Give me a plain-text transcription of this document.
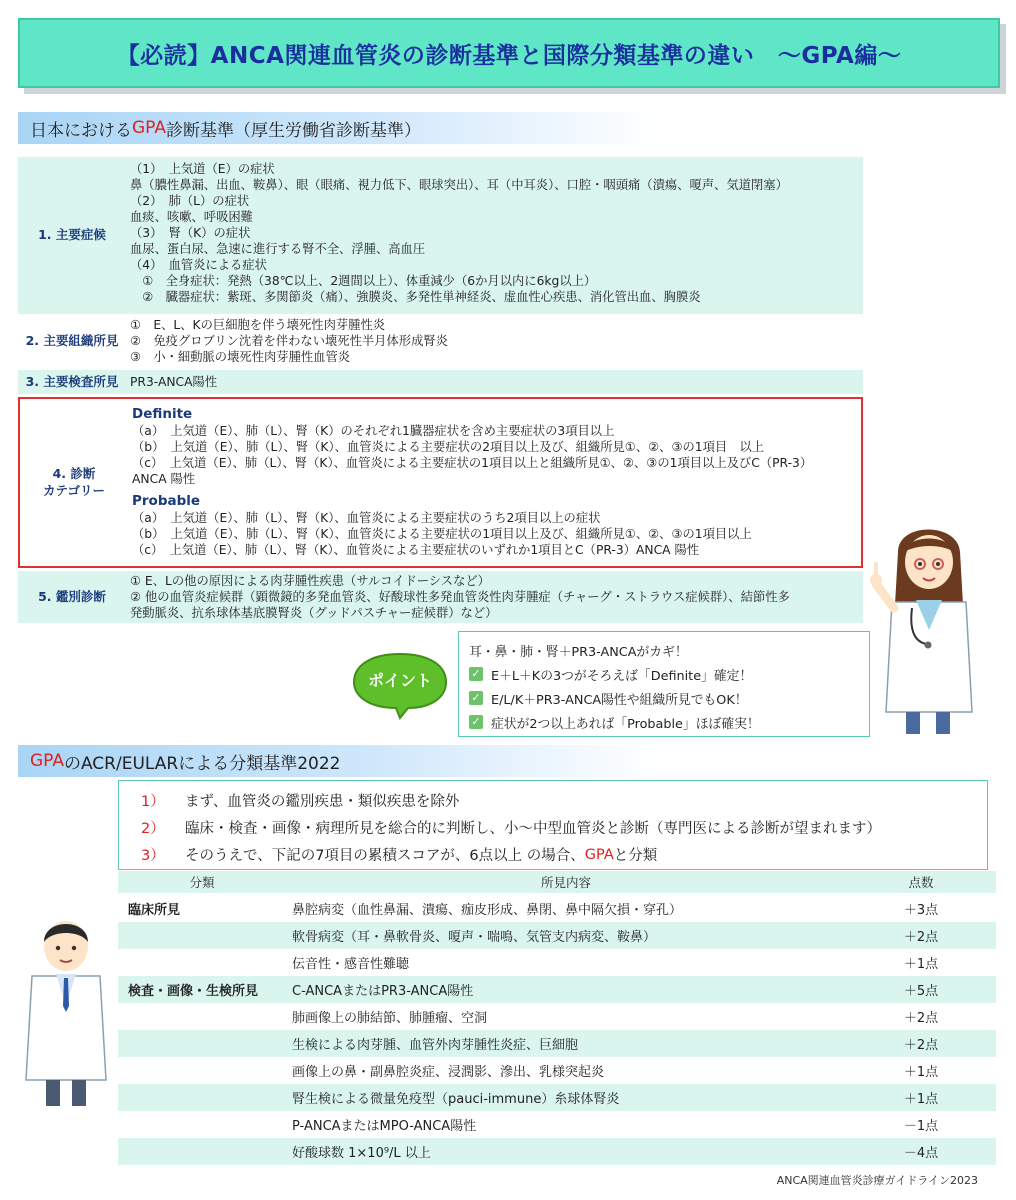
【必読】ANCA関連血管炎の診断基準と国際分類基準の違い　～GPA編～
日本における GPA 診断基準（厚生労働省診断基準）
1. 主要症候
（1）　上気道（E）の症状
鼻（膿性鼻漏、出血、鞍鼻）、眼（眼痛、視力低下、眼球突出）、耳（中耳炎）、口腔・咽頭痛（潰瘍、嗄声、気道閉塞）
（2）　肺（L）の症状
血痰、咳嗽、呼吸困難
（3）　腎（K）の症状
血尿、蛋白尿、急速に進行する腎不全、浮腫、高血圧
（4）　血管炎による症状
　①　全身症状：発熱（38℃以上、2週間以上）、体重減少（6か月以内に6kg以上）
　②　臓器症状：紫斑、多関節炎（痛）、強膜炎、多発性単神経炎、虚血性心疾患、消化管出血、胸膜炎
2. 主要組織所見
①　E、L、Kの巨細胞を伴う壊死性肉芽腫性炎
②　免疫グロブリン沈着を伴わない壊死性半月体形成腎炎
③　小・細動脈の壊死性肉芽腫性血管炎
3. 主要検査所見 PR3-ANCA陽性
4. 診断
カテゴリー
Definite
（a）　上気道（E）、肺（L）、腎（K）のそれぞれ1臓器症状を含め主要症状の3項目以上
（b）　上気道（E）、肺（L）、腎（K）、血管炎による主要症状の2項目以上及び、組織所見①、②、③の1項目　以上
（c）　上気道（E）、肺（L）、腎（K）、血管炎による主要症状の1項目以上と組織所見①、②、③の1項目以上及びC（PR-3）
ANCA 陽性
Probable
（a）　上気道（E）、肺（L）、腎（K）、血管炎による主要症状のうち2項目以上の症状
（b）　上気道（E）、肺（L）、腎（K）、血管炎による主要症状の1項目以上及び、組織所見①、②、③の1項目以上
（c）　上気道（E）、肺（L）、腎（K）、血管炎による主要症状のいずれか1項目とC（PR-3）ANCA 陽性
5. 鑑別診断
① E、Lの他の原因による肉芽腫性疾患（サルコイドーシスなど）
② 他の血管炎症候群（顕微鏡的多発血管炎、好酸球性多発血管炎性肉芽腫症（チャーグ・ストラウス症候群）、結節性多
発動脈炎、抗糸球体基底膜腎炎（グッドパスチャー症候群）など）
ポイント
耳・鼻・肺・腎＋PR3-ANCAがカギ！
✓ E＋L＋Kの3つがそろえば「Definite」確定！
✓ E/L/K＋PR3-ANCA陽性や組織所見でもOK！
✓ 症状が2つ以上あれば「Probable」ほぼ確実！
GPA のACR/EULARによる分類基準2022
1）	まず、血管炎の鑑別疾患・類似疾患を除外
2）	臨床・検査・画像・病理所見を総合的に判断し、小～中型血管炎と診断（専門医による診断が望まれます）
3）	そのうえで、下記の7項目の累積スコアが、6点以上 の場合、 GPA と分類
分類	所見内容	点数
臨床所見	鼻腔病変（血性鼻漏、潰瘍、痂皮形成、鼻閉、鼻中隔欠損・穿孔）	＋3点
軟骨病変（耳・鼻軟骨炎、嗄声・喘鳴、気管支内病変、鞍鼻）	＋2点
伝音性・感音性難聴	＋1点
検査・画像・生検所見	C-ANCAまたはPR3-ANCA陽性	＋5点
肺画像上の肺結節、肺腫瘤、空洞	＋2点
生検による肉芽腫、血管外肉芽腫性炎症、巨細胞	＋2点
画像上の鼻・副鼻腔炎症、浸潤影、滲出、乳様突起炎	＋1点
腎生検による微量免疫型（pauci-immune）糸球体腎炎	＋1点
P-ANCAまたはMPO-ANCA陽性	－1点
好酸球数 1×10⁹/L 以上	－4点
ANCA関連血管炎診療ガイドライン2023
